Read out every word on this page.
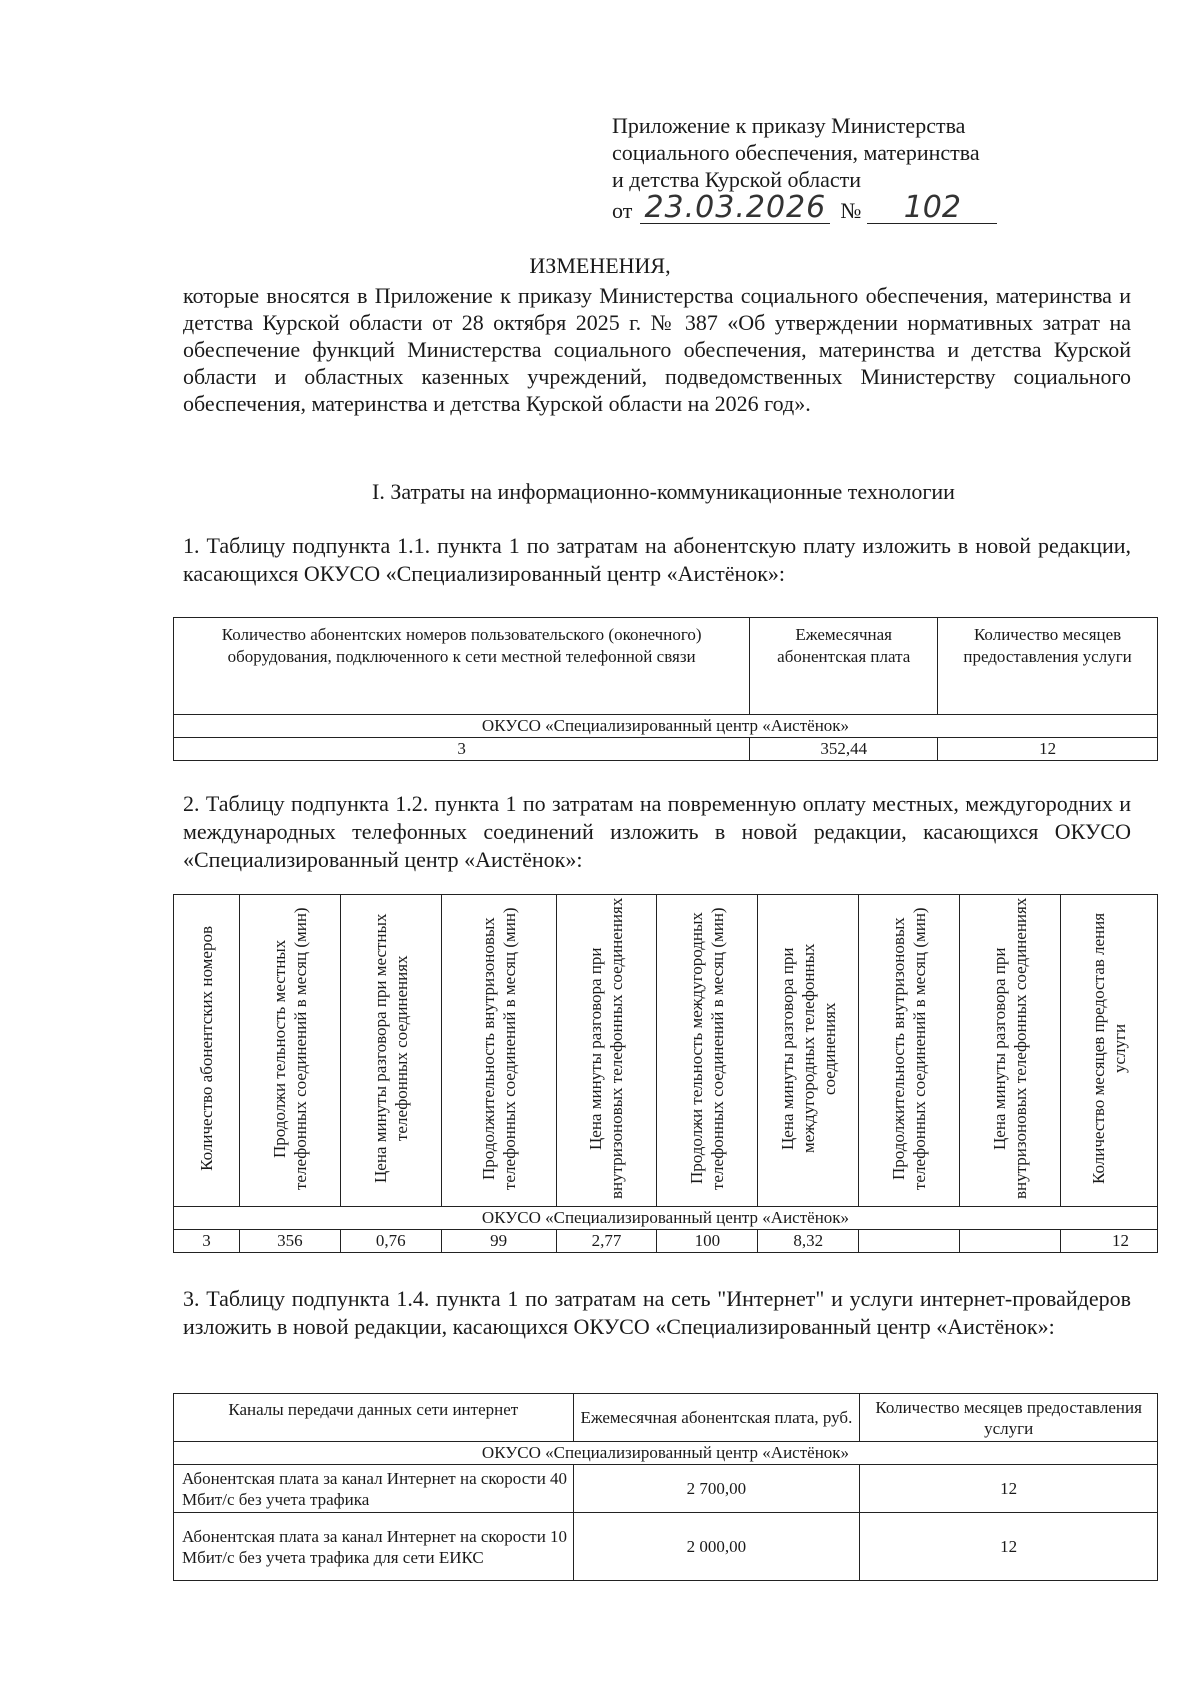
Приложение к приказу Министерства
социального обеспечения, материнства
и детства Курской области
от 23.03.2026 №	102
ИЗМЕНЕНИЯ,
которые вносятся в Приложение к приказу Министерства социального обеспечения, материнства и детства Курской области от 28 октября 2025 г. № 387 «Об утверждении нормативных затрат на обеспечение функций Министерства социального обеспечения, материнства и детства Курской области и областных казенных учреждений, подведомственных Министерству социального обеспечения, материнства и детства Курской области на 2026 год».
I. Затраты на информационно-коммуникационные технологии
1. Таблицу подпункта 1.1. пункта 1 по затратам на абонентскую плату изложить в новой редакции, касающихся ОКУСО «Специализированный центр «Аистёнок»:
Количество абонентских номеров пользовательского (оконечного) оборудования, подключенного к сети местной телефонной связи	Ежемесячная абонентская плата	Количество месяцев предоставления услуги
ОКУСО «Специализированный центр «Аистёнок»		
3	352,44	12
2. Таблицу подпункта 1.2. пункта 1 по затратам на повременную оплату местных, междугородних и международных телефонных соединений изложить в новой редакции, касающихся ОКУСО «Специализированный центр «Аистёнок»:
Количество абонентских номеров	Продолжи тельность местных телефонных соединений в месяц (мин)	Цена минуты разговора при местных телефонных соединениях	Продолжительность внутризоновых телефонных соединений в месяц (мин)	Цена минуты разговора при внутризоновых телефонных соединениях	Продолжи тельность междугородных телефонных соединений в месяц (мин)	Цена минуты разговора при междугородных телефонных соединениях	Продолжительность внутризоновых телефонных соединений в месяц (мин)	Цена минуты разговора при внутризоновых телефонных соединениях	Количество месяцев предостав ления услуги
ОКУСО «Специализированный центр «Аистёнок»									
3	356	0,76	99	2,77	100	8,32			12
3. Таблицу подпункта 1.4. пункта 1 по затратам на сеть "Интернет" и услуги интернет-провайдеров изложить в новой редакции, касающихся ОКУСО «Специализированный центр «Аистёнок»:
Каналы передачи данных сети интернет	Ежемесячная абонентская плата, руб.	Количество месяцев предоставления услуги
ОКУСО «Специализированный центр «Аистёнок»		
Абонентская плата за канал Интернет на скорости 40 Мбит/с без учета трафика	2 700,00	12
Абонентская плата за канал Интернет на скорости 10 Мбит/с без учета трафика для сети ЕИКС	2 000,00	12
